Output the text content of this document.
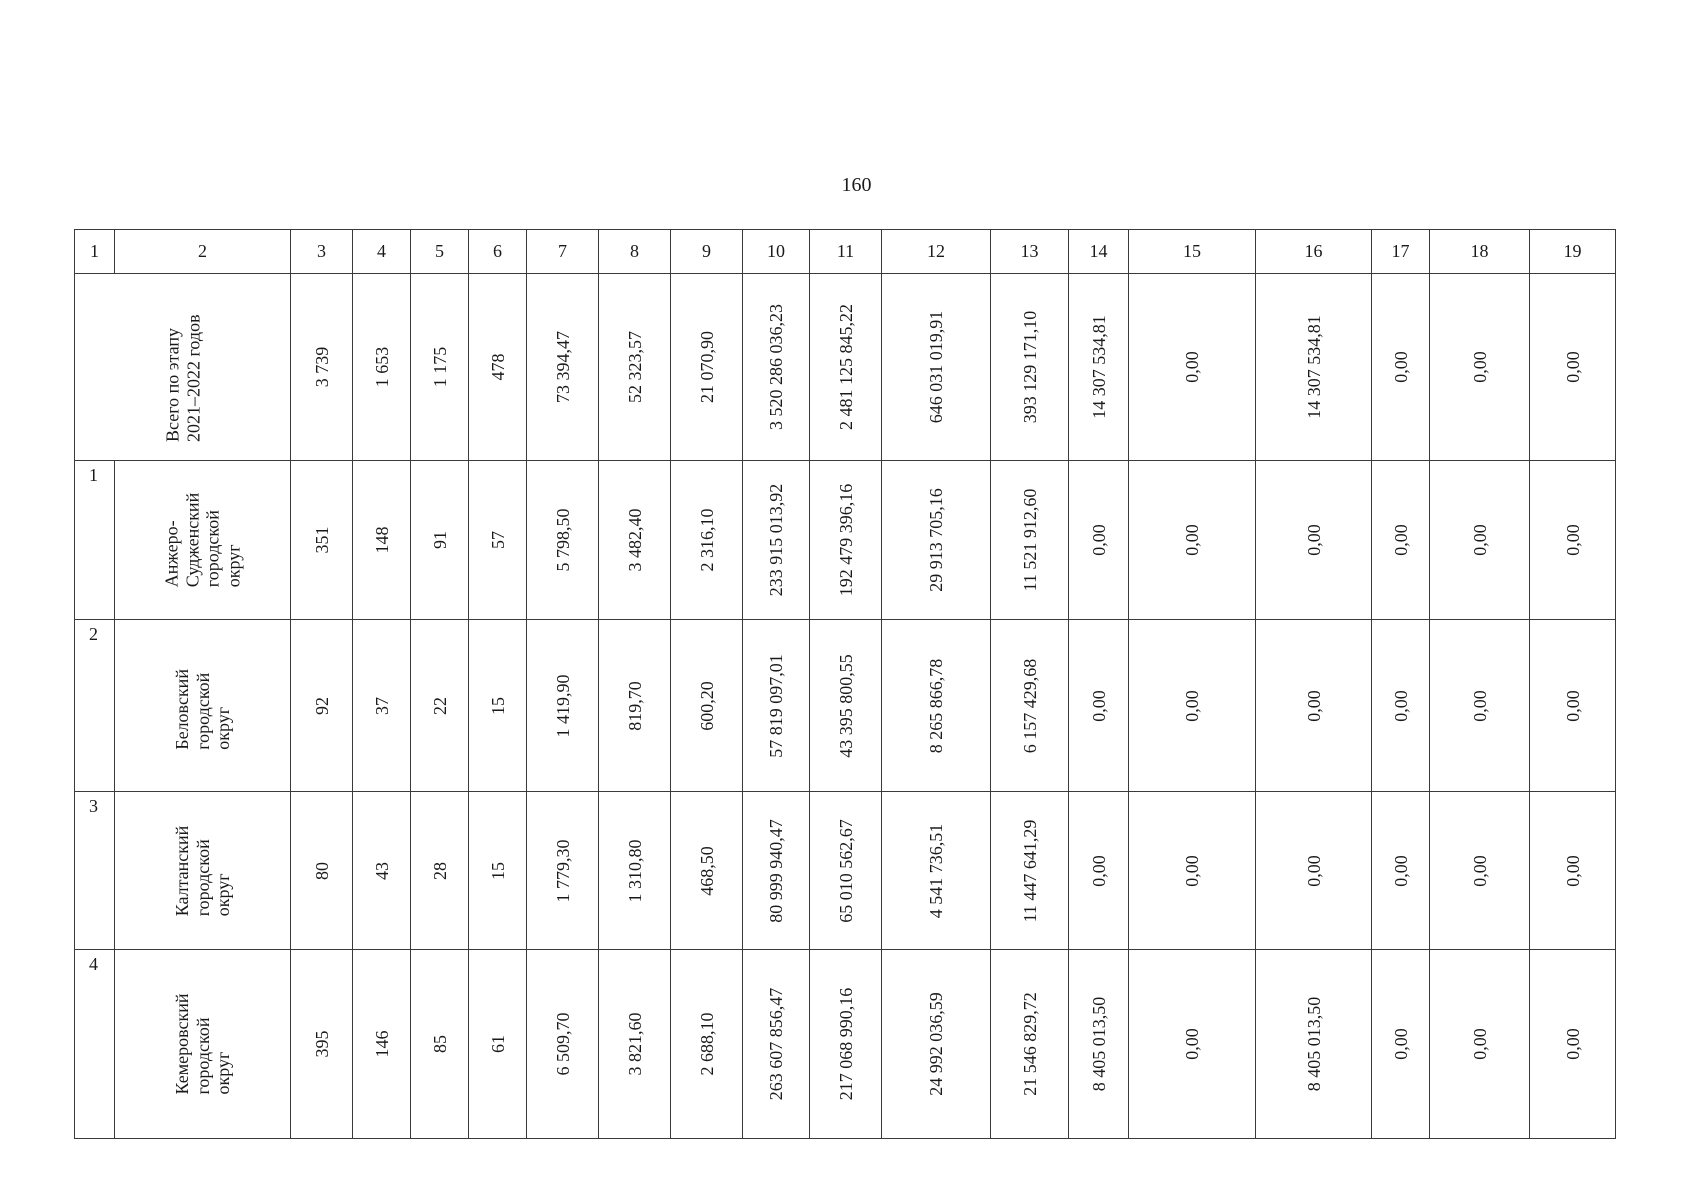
160
1	2	3	4	5	6	7	8	9	10	11	12	13	14	15	16	17	18	19

Всего по этапу
2021–2022 годов		3 739	1 653	1 175	478	73 394,47	52 323,57	21 070,90	3 520 286 036,23	2 481 125 845,22	646 031 019,91	393 129 171,10	14 307 534,81	0,00	14 307 534,81	0,00	0,00	0,00

1	Анжеро-
Судженский
городской
округ	351	148	91	57	5 798,50	3 482,40	2 316,10	233 915 013,92	192 479 396,16	29 913 705,16	11 521 912,60	0,00	0,00	0,00	0,00	0,00	0,00

2	Беловский
городской округ	92	37	22	15	1 419,90	819,70	600,20	57 819 097,01	43 395 800,55	8 265 866,78	6 157 429,68	0,00	0,00	0,00	0,00	0,00	0,00

3	Калтанский
городской
округ	80	43	28	15	1 779,30	1 310,80	468,50	80 999 940,47	65 010 562,67	4 541 736,51	11 447 641,29	0,00	0,00	0,00	0,00	0,00	0,00

4	Кемеровский
городской округ	395	146	85	61	6 509,70	3 821,60	2 688,10	263 607 856,47	217 068 990,16	24 992 036,59	21 546 829,72	8 405 013,50	0,00	8 405 013,50	0,00	0,00	0,00
